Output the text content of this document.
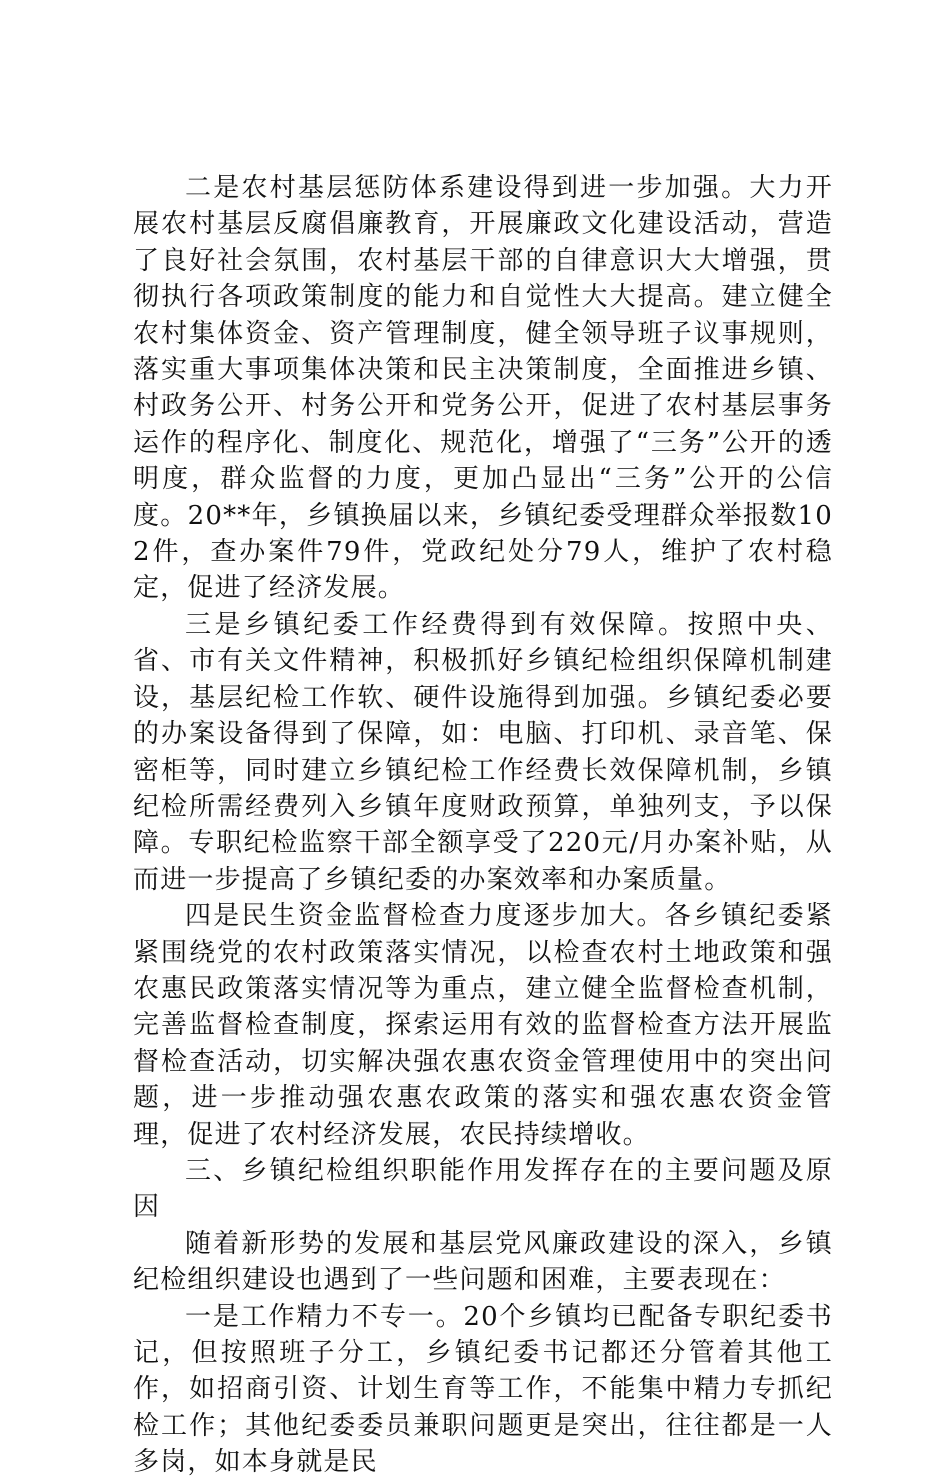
二是农村基层惩防体系建设得到进一步加强。大力开展农村基层反腐倡廉教育，开展廉政文化建设活动，营造了良好社会氛围，农村基层干部的自律意识大大增强，贯彻执行各项政策制度的能力和自觉性大大提高。建立健全农村集体资金、资产管理制度，健全领导班子议事规则，落实重大事项集体决策和民主决策制度，全面推进乡镇、村政务公开、村务公开和党务公开，促进了农村基层事务运作的程序化、制度化、规范化，增强了“三务”公开的透明度，群众监督的力度，更加凸显出“三务”公开的公信度。20**年，乡镇换届以来，乡镇纪委受理群众举报数102件，查办案件79件，党政纪处分79人，维护了农村稳定，促进了经济发展。

三是乡镇纪委工作经费得到有效保障。按照中央、省、市有关文件精神，积极抓好乡镇纪检组织保障机制建设，基层纪检工作软、硬件设施得到加强。乡镇纪委必要的办案设备得到了保障，如：电脑、打印机、录音笔、保密柜等，同时建立乡镇纪检工作经费长效保障机制，乡镇纪检所需经费列入乡镇年度财政预算，单独列支，予以保障。专职纪检监察干部全额享受了220元/月办案补贴，从而进一步提高了乡镇纪委的办案效率和办案质量。

四是民生资金监督检查力度逐步加大。各乡镇纪委紧紧围绕党的农村政策落实情况，以检查农村土地政策和强农惠民政策落实情况等为重点，建立健全监督检查机制，完善监督检查制度，探索运用有效的监督检查方法开展监督检查活动，切实解决强农惠农资金管理使用中的突出问题，进一步推动强农惠农政策的落实和强农惠农资金管理，促进了农村经济发展，农民持续增收。

三、乡镇纪检组织职能作用发挥存在的主要问题及原因

随着新形势的发展和基层党风廉政建设的深入，乡镇纪检组织建设也遇到了一些问题和困难，主要表现在：

一是工作精力不专一。20个乡镇均已配备专职纪委书记，但按照班子分工，乡镇纪委书记都还分管着其他工作，如招商引资、计划生育等工作，不能集中精力专抓纪检工作；其他纪委委员兼职问题更是突出，往往都是一人多岗，如本身就是民
